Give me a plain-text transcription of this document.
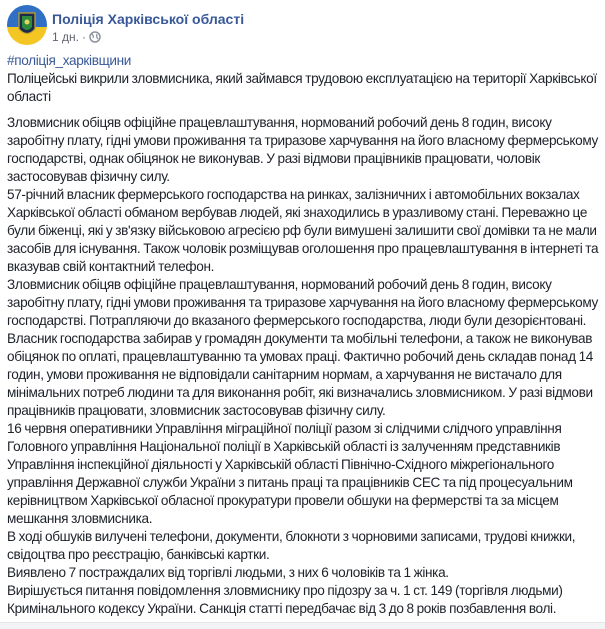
Поліція Харківської області
1 дн. ·

#поліція_харківщини

Поліцейські викрили зловмисника, який займався трудовою експлуатацією на території Харківської області

Зловмисник обіцяв офіційне працевлаштування, нормований робочий день 8 годин, високу заробітну плату, гідні умови проживання та триразове харчування на його власному фермерському господарстві, однак обіцянок не виконував. У разі відмови працівників працювати, чоловік застосовував фізичну силу.

57-річний власник фермерського господарства на ринках, залізничних і автомобільних вокзалах Харківської області обманом вербував людей, які знаходились в уразливому стані. Переважно це були біженці, які у зв'язку військовою агресією рф були вимушені залишити свої домівки та не мали засобів для існування. Також чоловік розміщував оголошення про працевлаштування в інтернеті та вказував свій контактний телефон.

Зловмисник обіцяв офіційне працевлаштування, нормований робочий день 8 годин, високу заробітну плату, гідні умови проживання та триразове харчування на його власному фермерському господарстві. Потрапляючи до вказаного фермерського господарства, люди були дезорієнтовані.

Власник господарства забирав у громадян документи та мобільні телефони, а також не виконував обіцянок по оплаті, працевлаштуванню та умовах праці. Фактично робочий день складав понад 14 годин, умови проживання не відповідали санітарним нормам, а харчування не вистачало для мінімальних потреб людини та для виконання робіт, які визначались зловмисником. У разі відмови працівників працювати, зловмисник застосовував фізичну силу.

16 червня оперативники Управління міграційної поліції разом зі слідчими слідчого управління Головного управління Національної поліції в Харківській області із залученням представників Управління інспекційної діяльності у Харківській області Північно-Східного міжрегіонального управління Державної служби України з питань праці та працівників СЕС та під процесуальним керівництвом Харківської обласної прокуратури провели обшуки на фермерстві та за місцем мешкання зловмисника.

В ході обшуків вилучені телефони, документи, блокноти з чорновими записами, трудові книжки, свідоцтва про реєстрацію, банківські картки.

Виявлено 7 постраждалих від торгівлі людьми, з них 6 чоловіків та 1 жінка.

Вирішується питання повідомлення зловмиснику про підозру за ч. 1 ст. 149 (торгівля людьми) Кримінального кодексу України. Санкція статті передбачає від 3 до 8 років позбавлення волі.
